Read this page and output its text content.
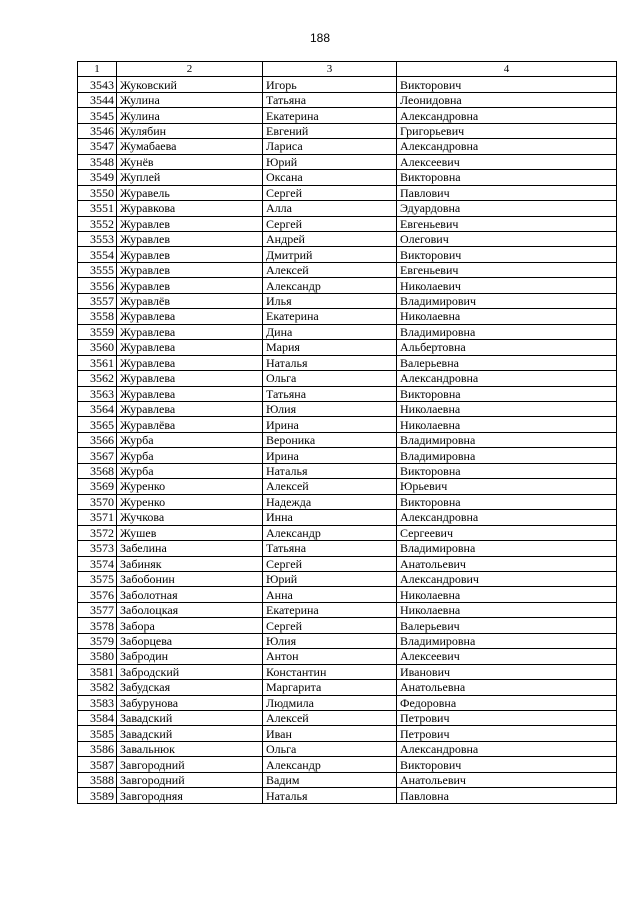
188
1	2	3	4
3543	Жуковский	Игорь	Викторович
3544	Жулина	Татьяна	Леонидовна
3545	Жулина	Екатерина	Александровна
3546	Жулябин	Евгений	Григорьевич
3547	Жумабаева	Лариса	Александровна
3548	Жунёв	Юрий	Алексеевич
3549	Жуплей	Оксана	Викторовна
3550	Журавель	Сергей	Павлович
3551	Журавкова	Алла	Эдуардовна
3552	Журавлев	Сергей	Евгеньевич
3553	Журавлев	Андрей	Олегович
3554	Журавлев	Дмитрий	Викторович
3555	Журавлев	Алексей	Евгеньевич
3556	Журавлев	Александр	Николаевич
3557	Журавлёв	Илья	Владимирович
3558	Журавлева	Екатерина	Николаевна
3559	Журавлева	Дина	Владимировна
3560	Журавлева	Мария	Альбертовна
3561	Журавлева	Наталья	Валерьевна
3562	Журавлева	Ольга	Александровна
3563	Журавлева	Татьяна	Викторовна
3564	Журавлева	Юлия	Николаевна
3565	Журавлёва	Ирина	Николаевна
3566	Журба	Вероника	Владимировна
3567	Журба	Ирина	Владимировна
3568	Журба	Наталья	Викторовна
3569	Журенко	Алексей	Юрьевич
3570	Журенко	Надежда	Викторовна
3571	Жучкова	Инна	Александровна
3572	Жушев	Александр	Сергеевич
3573	Забелина	Татьяна	Владимировна
3574	Забиняк	Сергей	Анатольевич
3575	Забобонин	Юрий	Александрович
3576	Заболотная	Анна	Николаевна
3577	Заболоцкая	Екатерина	Николаевна
3578	Забора	Сергей	Валерьевич
3579	Заборцева	Юлия	Владимировна
3580	Забродин	Антон	Алексеевич
3581	Забродский	Константин	Иванович
3582	Забудская	Маргарита	Анатольевна
3583	Забурунова	Людмила	Федоровна
3584	Завадский	Алексей	Петрович
3585	Завадский	Иван	Петрович
3586	Завальнюк	Ольга	Александровна
3587	Завгородний	Александр	Викторович
3588	Завгородний	Вадим	Анатольевич
3589	Завгородняя	Наталья	Павловна
